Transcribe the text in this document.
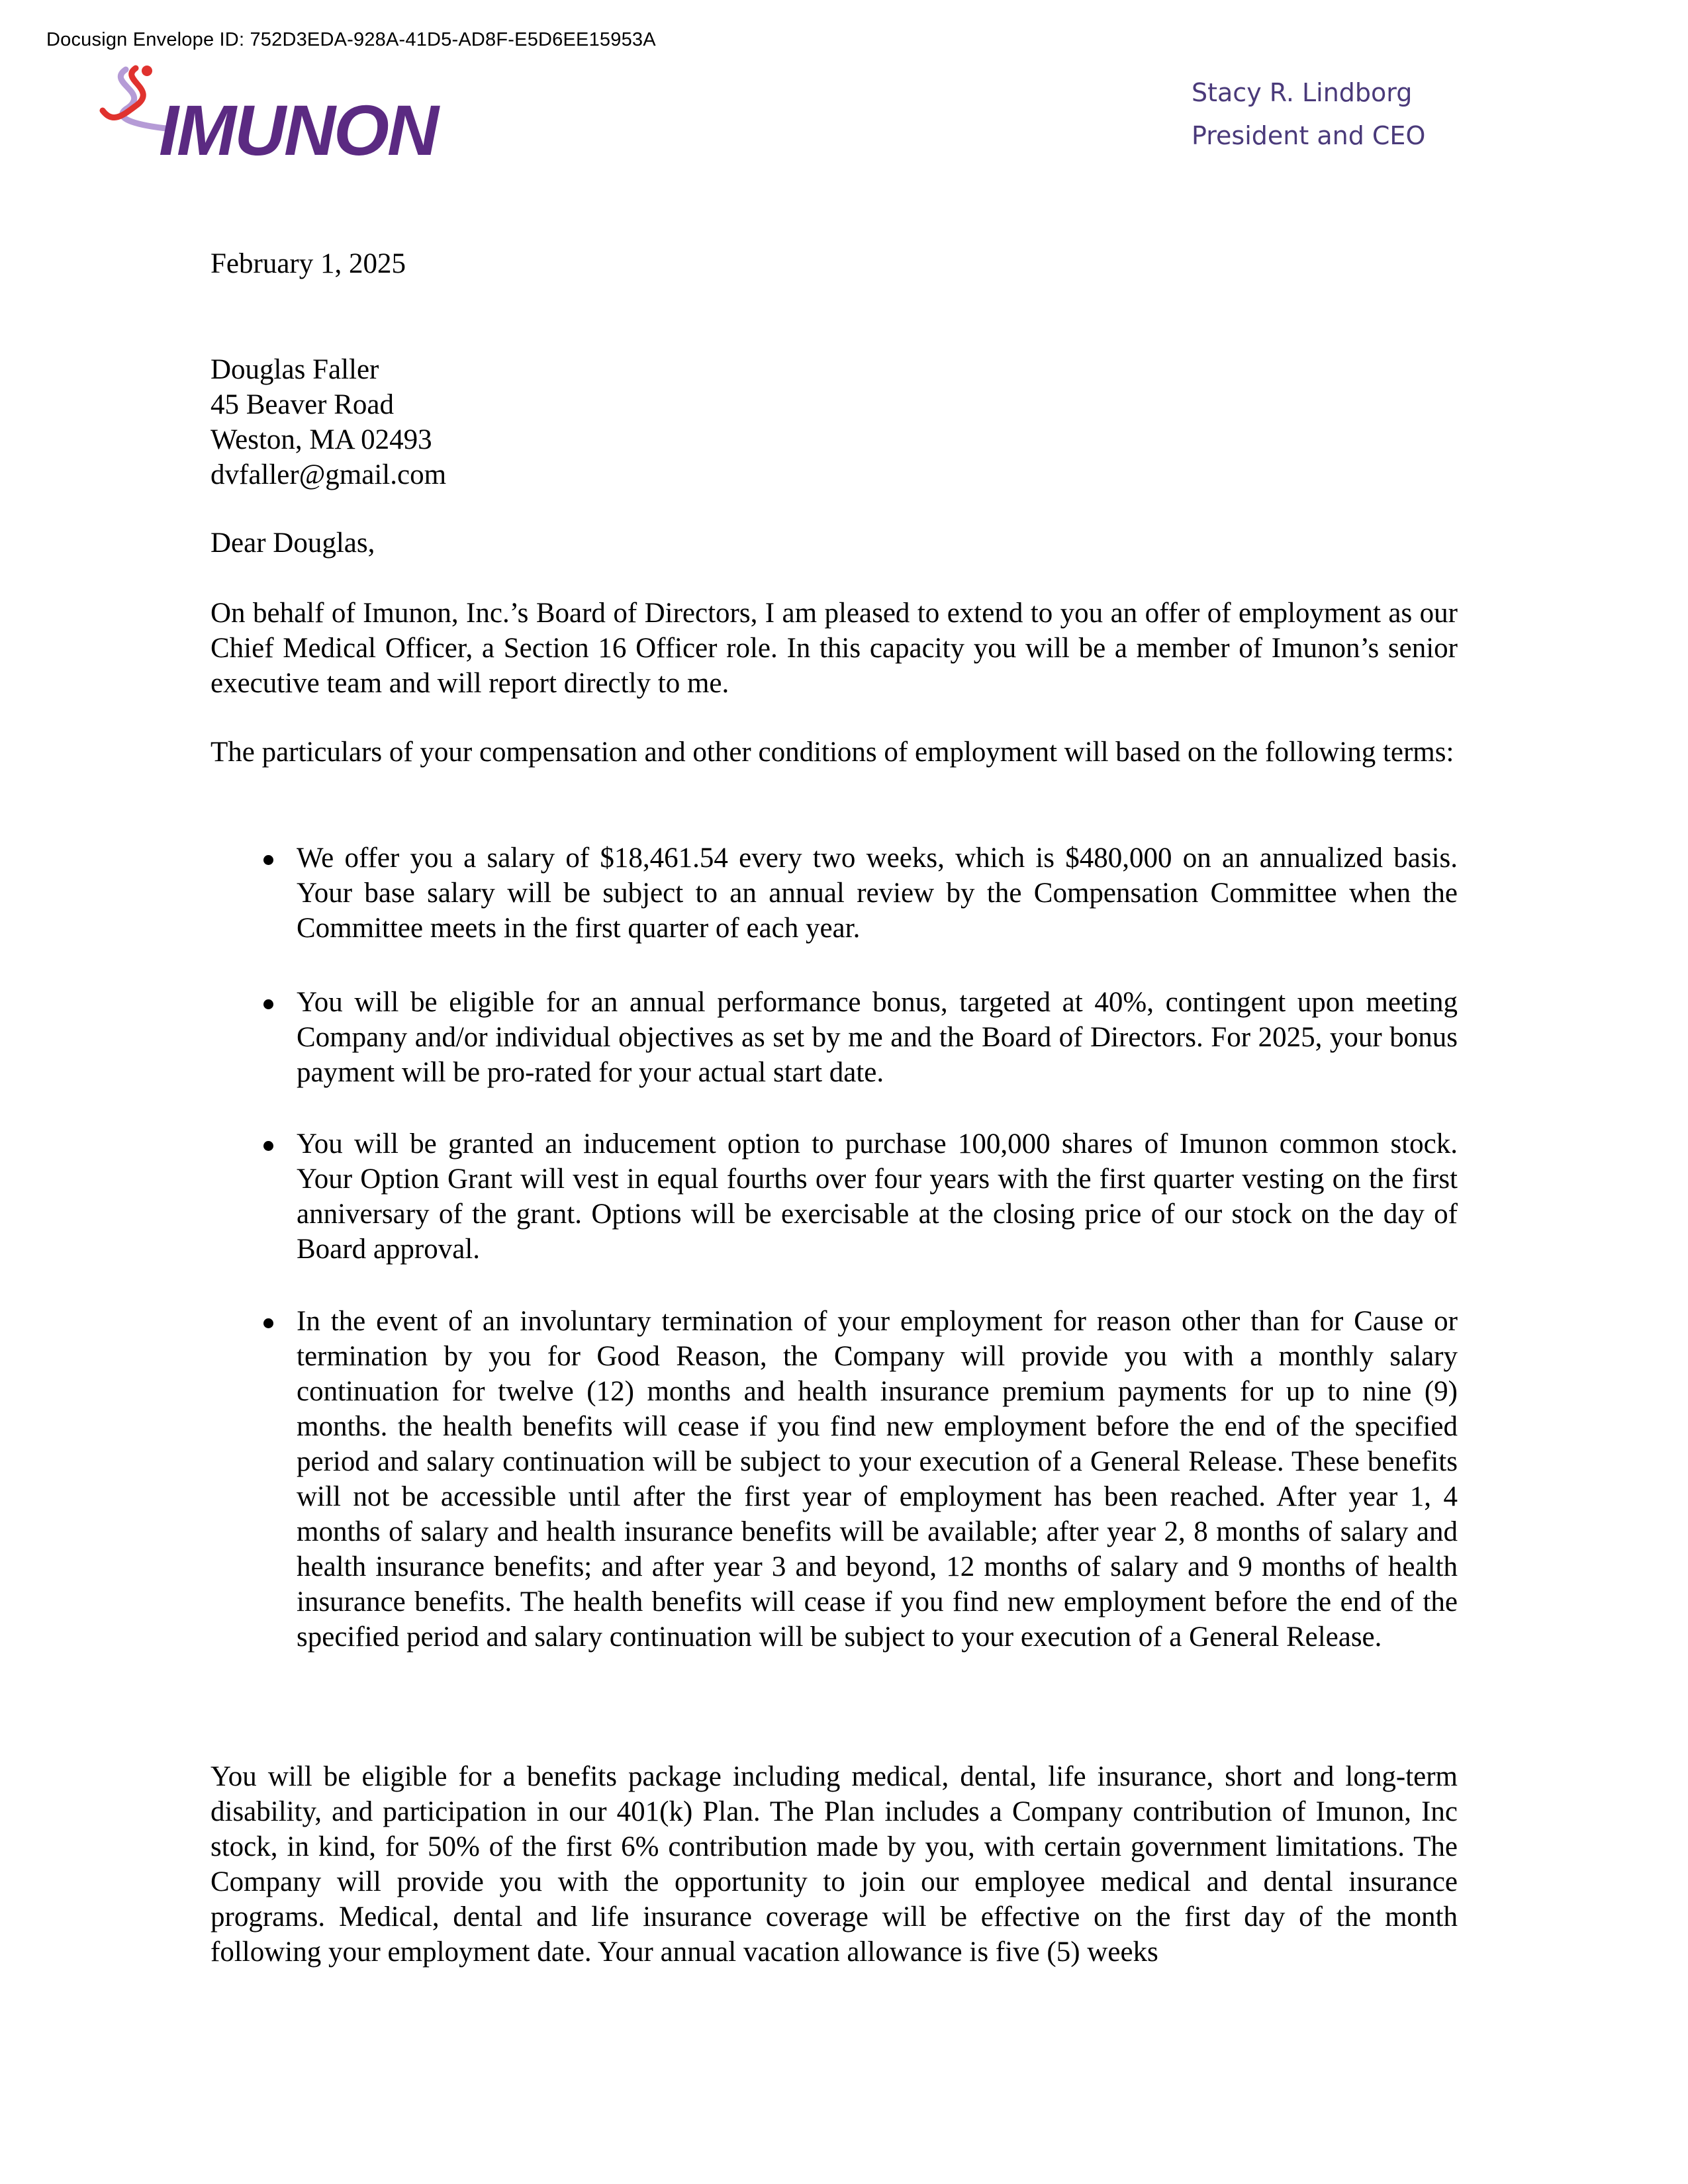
Docusign Envelope ID: 752D3EDA-928A-41D5-AD8F-E5D6EE15953A
IMUNON	Stacy R. Lindborg
President and CEO
February 1, 2025
Douglas Faller
45 Beaver Road
Weston, MA 02493
dvfaller@gmail.com
Dear Douglas,
On behalf of Imunon, Inc.’s Board of Directors, I am pleased to extend to you an offer of employment as our Chief Medical Officer, a Section 16 Officer role. In this capacity you will be a member of Imunon’s senior executive team and will report directly to me.
The particulars of your compensation and other conditions of employment will based on the following terms:
We offer you a salary of $18,461.54 every two weeks, which is $480,000 on an annualized basis. Your base salary will be subject to an annual review by the Compensation Committee when the Committee meets in the first quarter of each year.
You will be eligible for an annual performance bonus, targeted at 40%, contingent upon meeting Company and/or individual objectives as set by me and the Board of Directors. For 2025, your bonus payment will be pro-rated for your actual start date.
You will be granted an inducement option to purchase 100,000 shares of Imunon common stock. Your Option Grant will vest in equal fourths over four years with the first quarter vesting on the first anniversary of the grant. Options will be exercisable at the closing price of our stock on the day of Board approval.
In the event of an involuntary termination of your employment for reason other than for Cause or termination by you for Good Reason, the Company will provide you with a monthly salary continuation for twelve (12) months and health insurance premium payments for up to nine (9) months. the health benefits will cease if you find new employment before the end of the specified period and salary continuation will be subject to your execution of a General Release. These benefits will not be accessible until after the first year of employment has been reached. After year 1, 4 months of salary and health insurance benefits will be available; after year 2, 8 months of salary and health insurance benefits; and after year 3 and beyond, 12 months of salary and 9 months of health insurance benefits. The health benefits will cease if you find new employment before the end of the specified period and salary continuation will be subject to your execution of a General Release.
You will be eligible for a benefits package including medical, dental, life insurance, short and long-term disability, and participation in our 401(k) Plan. The Plan includes a Company contribution of Imunon, Inc stock, in kind, for 50% of the first 6% contribution made by you, with certain government limitations. The Company will provide you with the opportunity to join our employee medical and dental insurance programs. Medical, dental and life insurance coverage will be effective on the first day of the month following your employment date. Your annual vacation allowance is five (5) weeks
